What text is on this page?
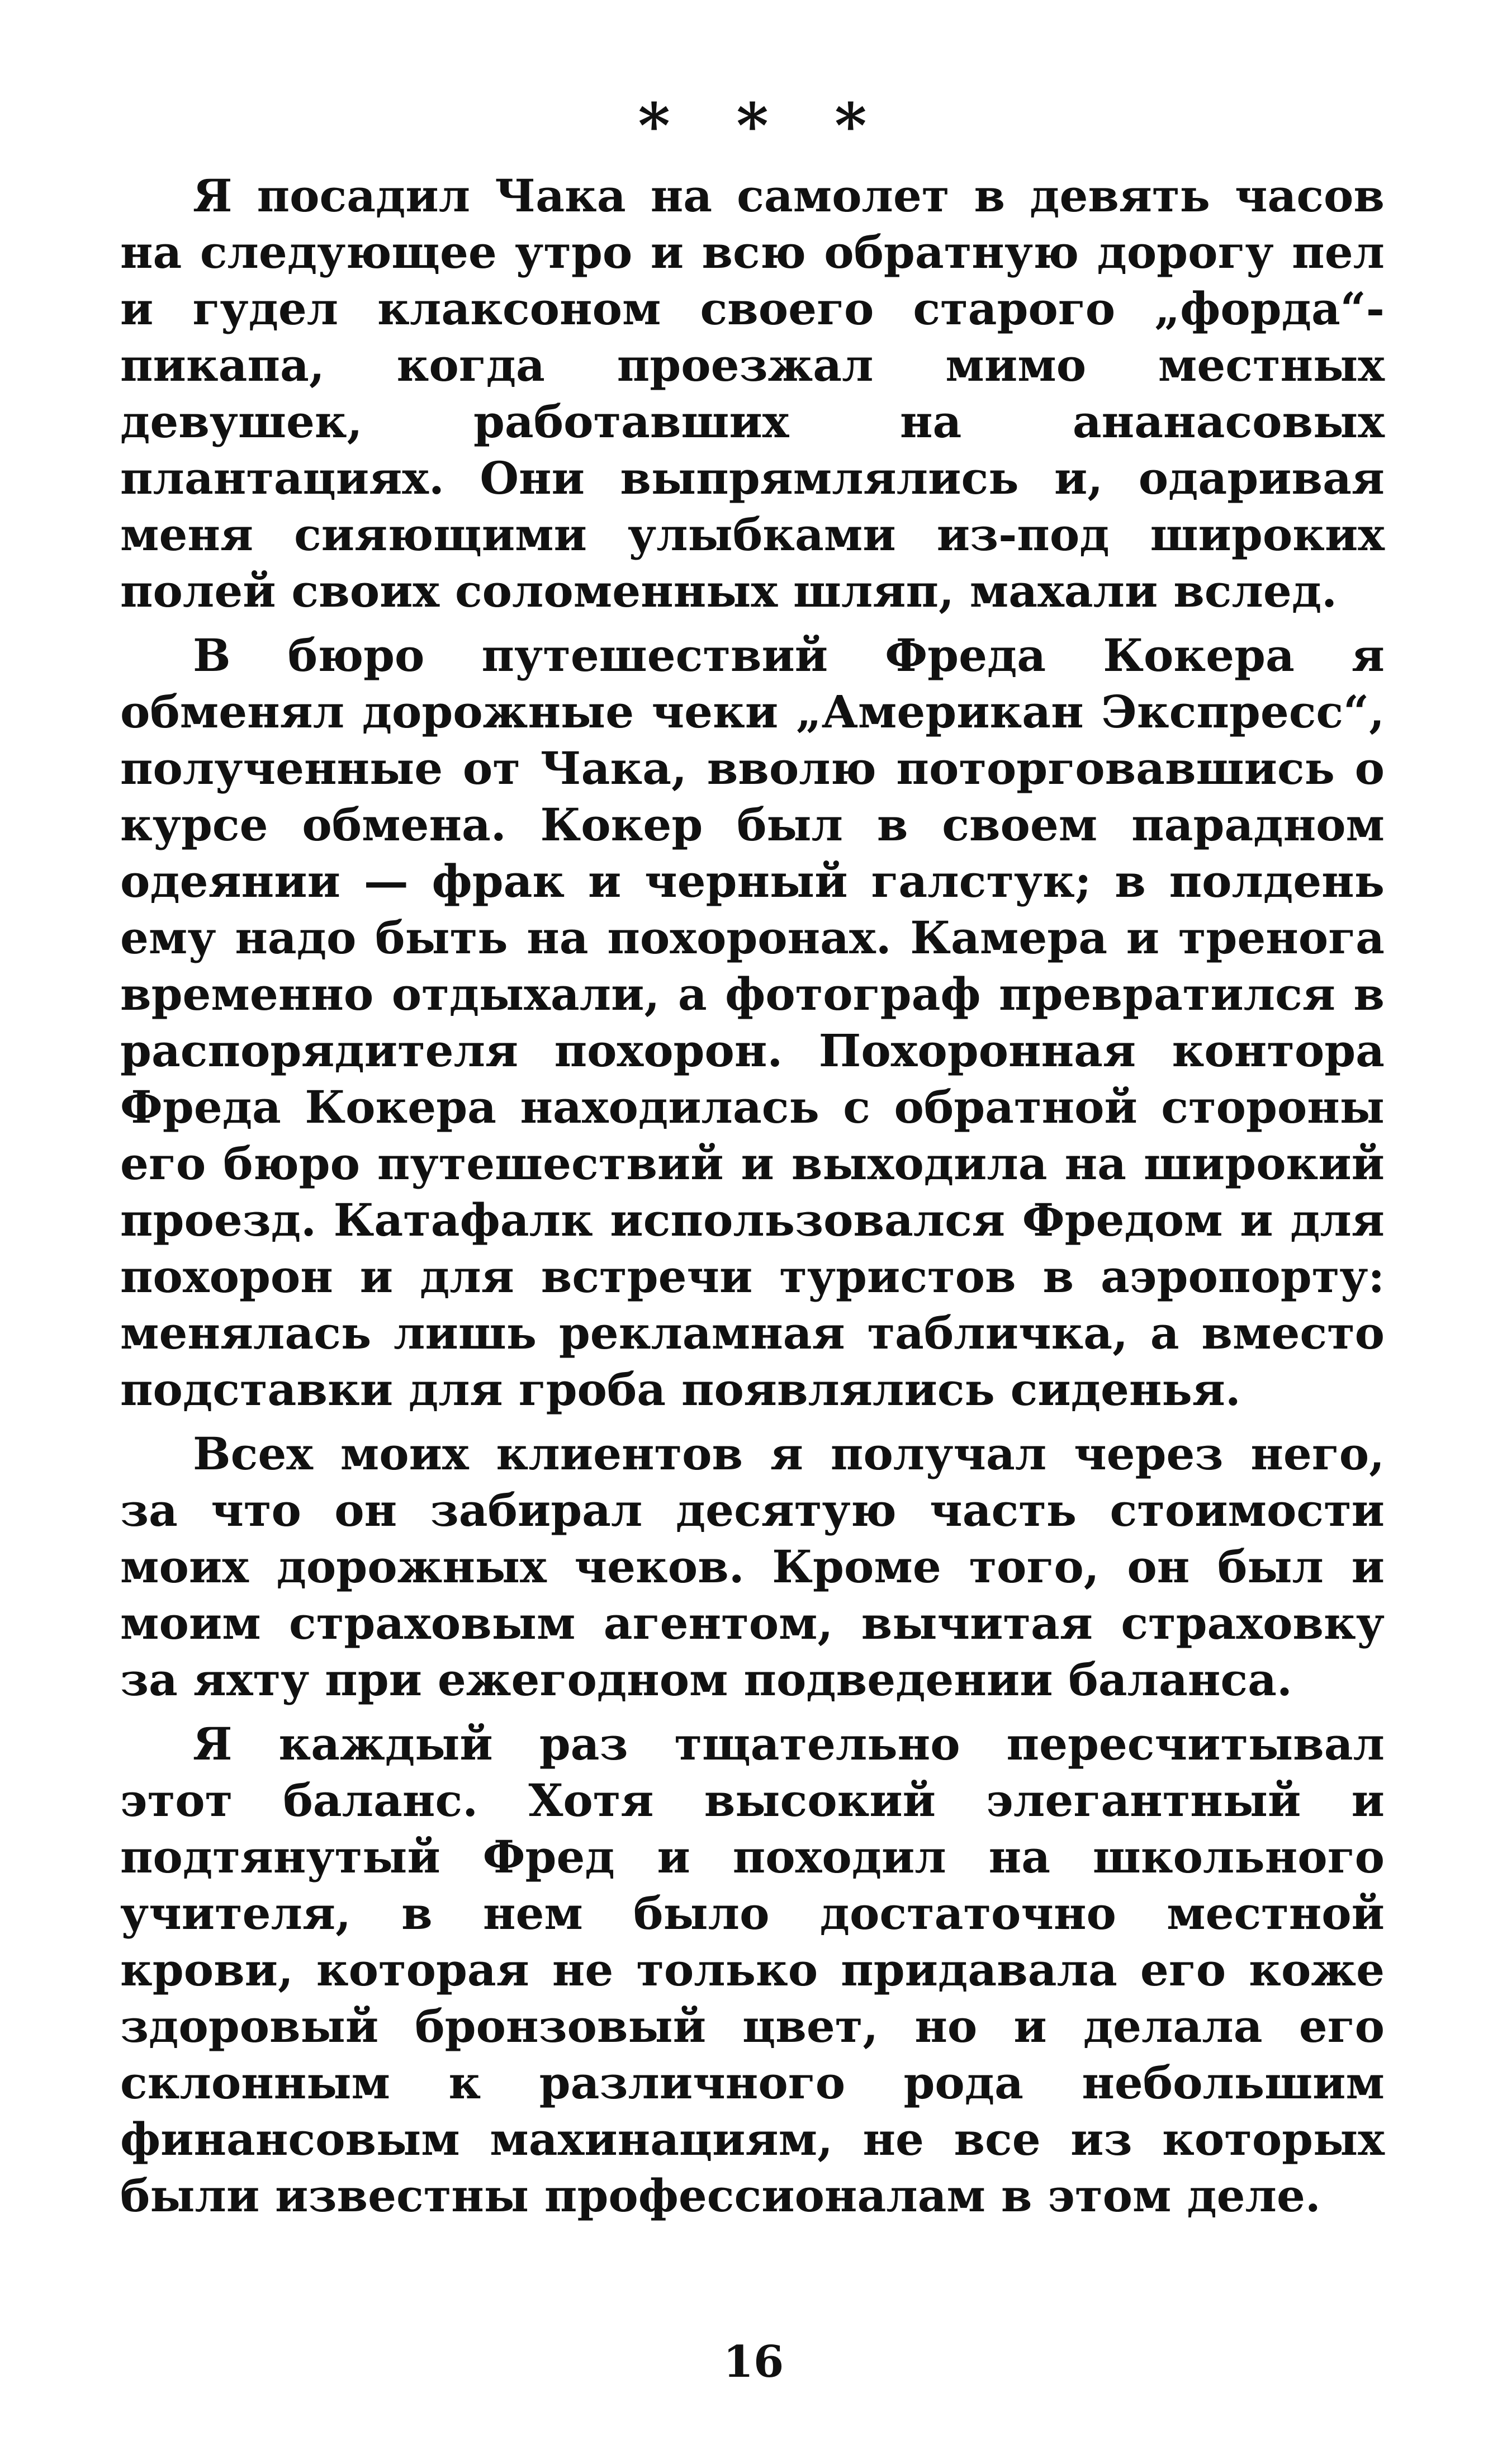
* * *

Я посадил Чака на самолет в девять часов на следующее утро и всю обратную дорогу пел и гудел клаксоном своего старого „форда“-пикапа, когда проезжал мимо местных девушек, работавших на ананасовых плантациях. Они выпрямлялись и, одаривая меня сияющими улыбками из-под широких полей своих соломенных шляп, махали вслед.

В бюро путешествий Фреда Кокера я обменял дорожные чеки „Американ Экспресс“, полученные от Чака, вволю поторговавшись о курсе обмена. Кокер был в своем парадном одеянии — фрак и черный галстук; в полдень ему надо быть на похоронах. Камера и тренога временно отдыхали, а фотограф превратился в распорядителя похорон. Похоронная контора Фреда Кокера находилась с обратной стороны его бюро путешествий и выходила на широкий проезд. Катафалк использовался Фредом и для похорон и для встречи туристов в аэропорту: менялась лишь рекламная табличка, а вместо подставки для гроба появлялись сиденья.

Всех моих клиентов я получал через него, за что он забирал десятую часть стоимости моих дорожных чеков. Кроме того, он был и моим страховым агентом, вычитая страховку за яхту при ежегодном подведении баланса.

Я каждый раз тщательно пересчитывал этот баланс. Хотя высокий элегантный и подтянутый Фред и походил на школьного учителя, в нем было достаточно местной крови, которая не только придавала его коже здоровый бронзовый цвет, но и делала его склонным к различного рода небольшим финансовым махинациям, не все из которых были известны профессионалам в этом деле.

16
